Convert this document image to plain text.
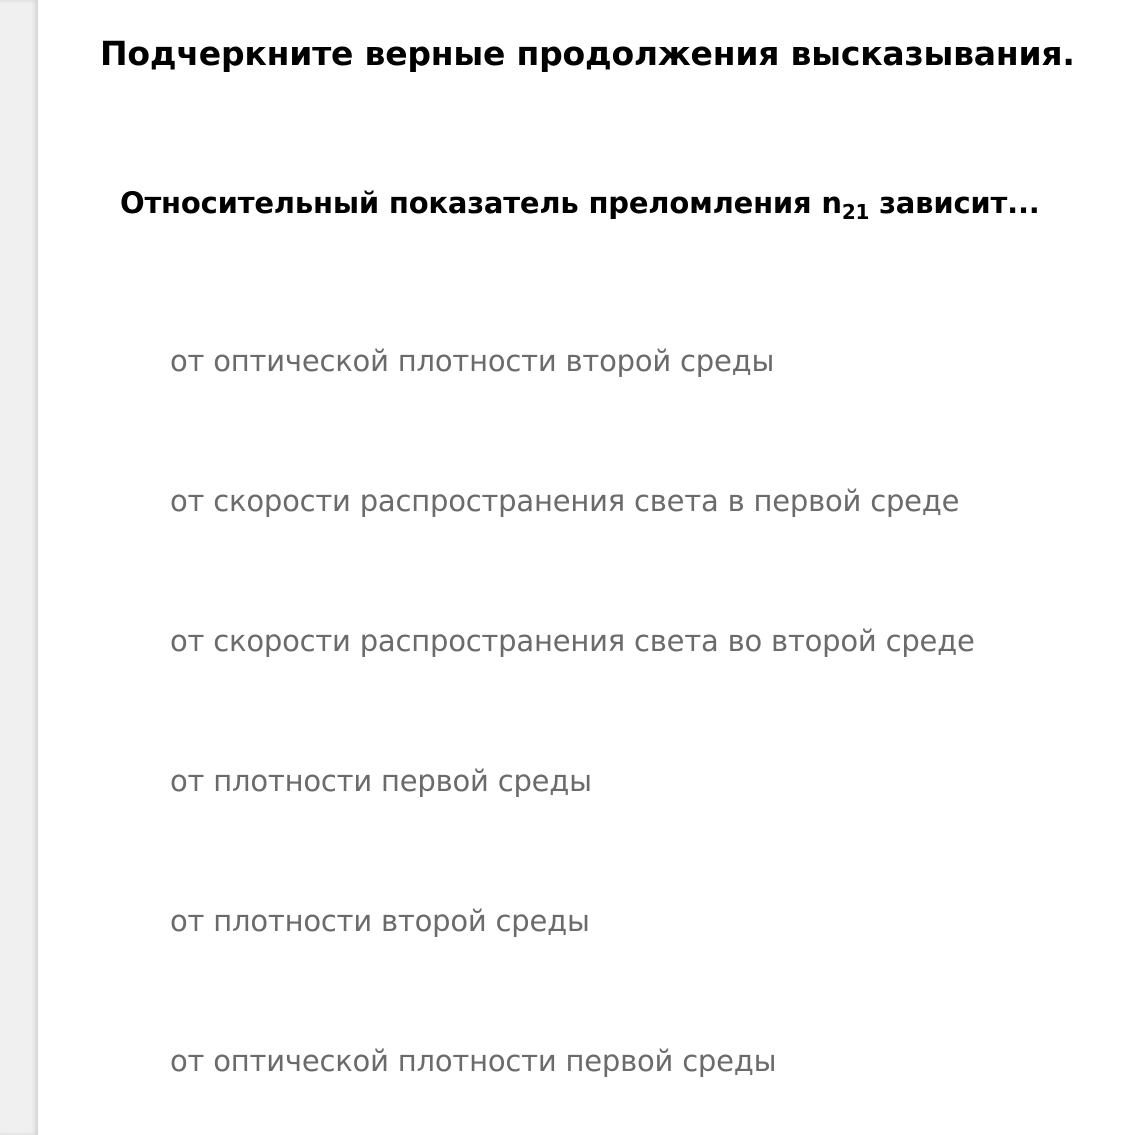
Подчеркните верные продолжения высказывания.
Относительный показатель преломления $n_{21}$ зависит...
от оптической плотности второй среды
от скорости распространения света в первой среде
от скорости распространения света во второй среде
от плотности первой среды
от плотности второй среды
от оптической плотности первой среды
